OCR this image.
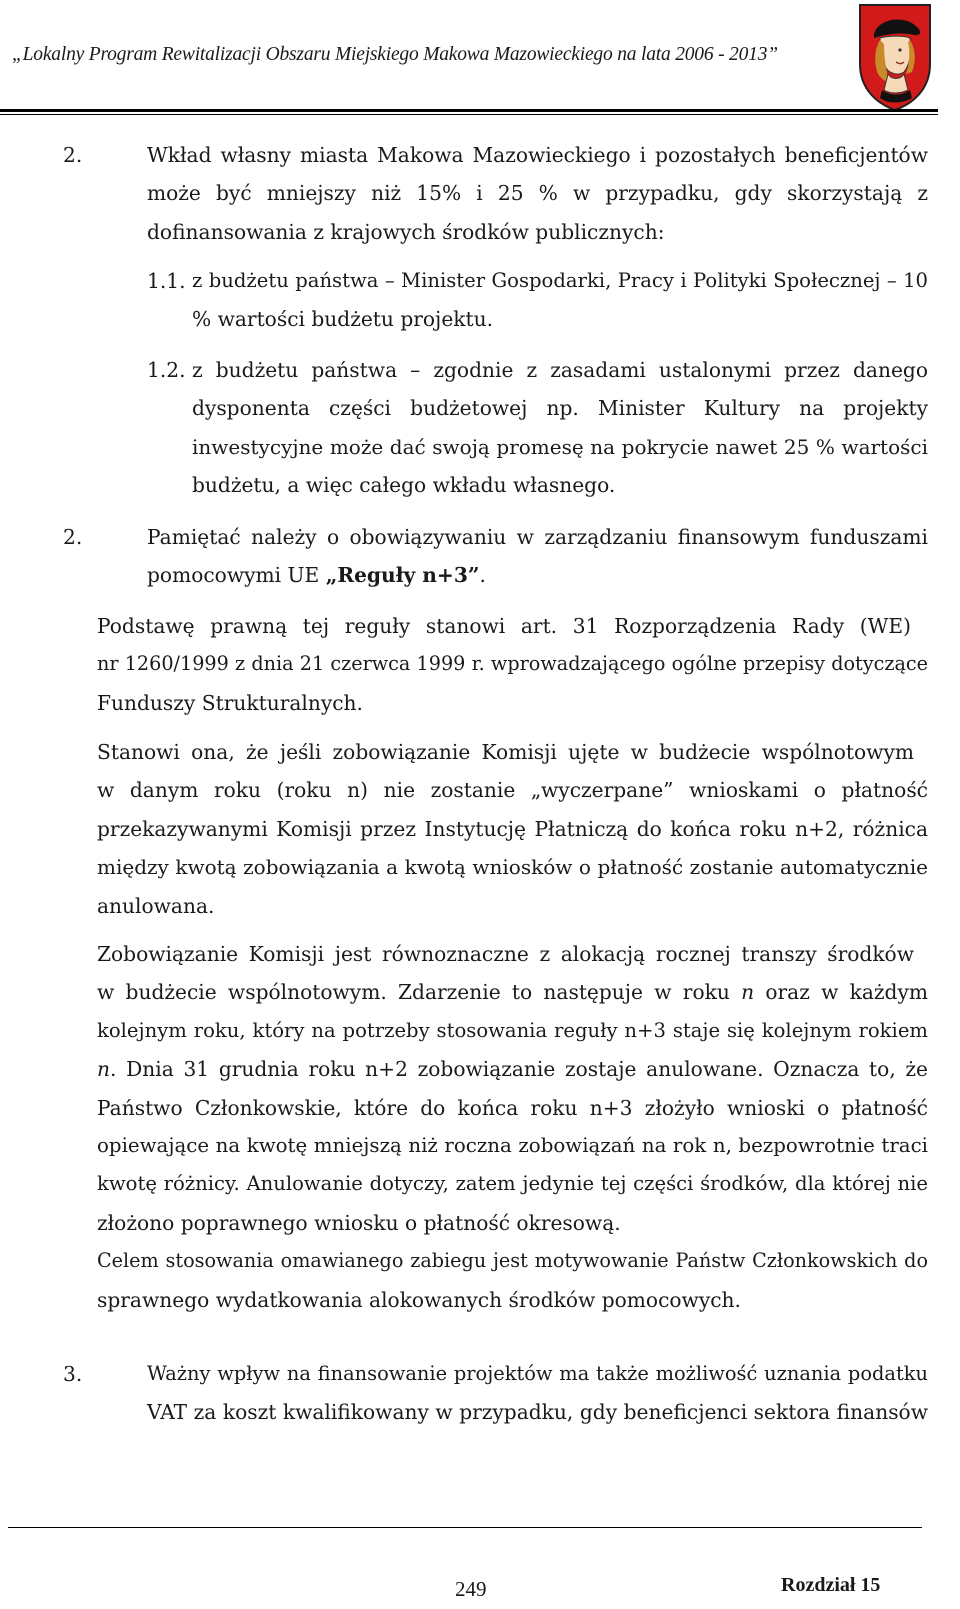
„Lokalny Program Rewitalizacji Obszaru Miejskiego Makowa Mazowieckiego na lata 2006 - 2013”
2.	Wkład własny miasta Makowa Mazowieckiego i pozostałych beneficjentów
może być mniejszy niż 15% i 25 % w przypadku, gdy skorzystają z
dofinansowania z krajowych środków publicznych:
1.1. z budżetu państwa – Minister Gospodarki, Pracy i Polityki Społecznej – 10
% wartości budżetu projektu.
1.2. z budżetu państwa – zgodnie z zasadami ustalonymi przez danego
dysponenta części budżetowej np. Minister Kultury na projekty
inwestycyjne może dać swoją promesę na pokrycie nawet 25 % wartości
budżetu, a więc całego wkładu własnego.
2.	Pamiętać należy o obowiązywaniu w zarządzaniu finansowym funduszami
pomocowymi UE „Reguły n+3”.
Podstawę prawną tej reguły stanowi art. 31 Rozporządzenia Rady (WE)
nr 1260/1999 z dnia 21 czerwca 1999 r. wprowadzającego ogólne przepisy dotyczące
Funduszy Strukturalnych.
Stanowi ona, że jeśli zobowiązanie Komisji ujęte w budżecie wspólnotowym
w danym roku (roku n) nie zostanie „wyczerpane” wnioskami o płatność
przekazywanymi Komisji przez Instytucję Płatniczą do końca roku n+2, różnica
między kwotą zobowiązania a kwotą wniosków o płatność zostanie automatycznie
anulowana.
Zobowiązanie Komisji jest równoznaczne z alokacją rocznej transzy środków
w budżecie wspólnotowym. Zdarzenie to następuje w roku n oraz w każdym
kolejnym roku, który na potrzeby stosowania reguły n+3 staje się kolejnym rokiem
n. Dnia 31 grudnia roku n+2 zobowiązanie zostaje anulowane. Oznacza to, że
Państwo Członkowskie, które do końca roku n+3 złożyło wnioski o płatność
opiewające na kwotę mniejszą niż roczna zobowiązań na rok n, bezpowrotnie traci
kwotę różnicy. Anulowanie dotyczy, zatem jedynie tej części środków, dla której nie
złożono poprawnego wniosku o płatność okresową.
Celem stosowania omawianego zabiegu jest motywowanie Państw Członkowskich do
sprawnego wydatkowania alokowanych środków pomocowych.
3.	Ważny wpływ na finansowanie projektów ma także możliwość uznania podatku
VAT za koszt kwalifikowany w przypadku, gdy beneficjenci sektora finansów
249	Rozdział 15
